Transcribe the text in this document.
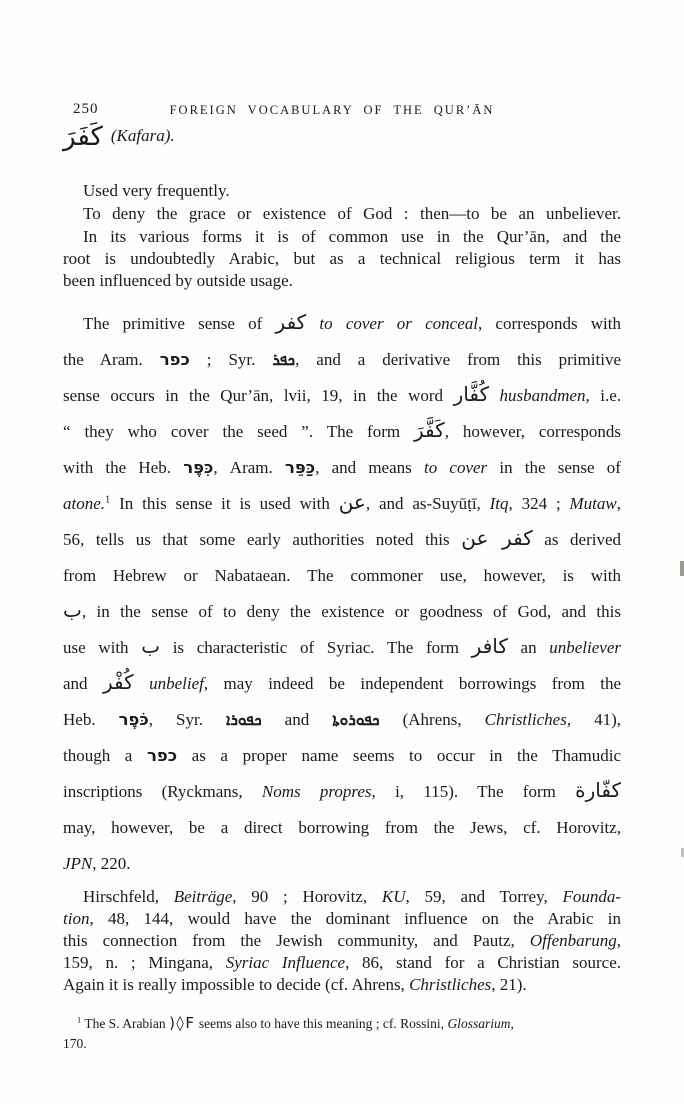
250	FOREIGN VOCABULARY OF THE QUR’ĀN
كَفَرَ (Kafara).
Used very frequently.
To deny the grace or existence of God : then—to be an unbeliever.
In its various forms it is of common use in the Qur’ān, and the
root is undoubtedly Arabic, but as a technical religious term it has
been influenced by outside usage.
The primitive sense of كفر to cover or conceal, corresponds with
the Aram. כפר ; Syr. ܟܦܪ, and a derivative from this primitive
sense occurs in the Qur’ān, lvii, 19, in the word كُفَّار husbandmen, i.e.
“ they who cover the seed ”. The form كَفَّرَ, however, corresponds
with the Heb. כִּפֶּר, Aram. כַּפֵּר, and means to cover in the sense of
atone.$^1$ In this sense it is used with عن, and as-Suyūṭī, Itq, 324 ; Mutaw,
56, tells us that some early authorities noted this كفر عن as derived
from Hebrew or Nabataean. The commoner use, however, is with
ب, in the sense of to deny the existence or goodness of God, and this
use with ب is characteristic of Syriac. The form كافر an unbeliever
and كُفْر unbelief, may indeed be independent borrowings from the
Heb. כֹּפֶר, Syr. ܟܦܘܪܐ and ܟܦܘܪܘܬܐ (Ahrens, Christliches, 41),
though a כפר as a proper name seems to occur in the Thamudic
inscriptions (Ryckmans, Noms propres, i, 115). The form كفّارة
may, however, be a direct borrowing from the Jews, cf. Horovitz,
JPN, 220.
Hirschfeld, Beiträge, 90 ; Horovitz, KU, 59, and Torrey, Founda-
tion, 48, 144, would have the dominant influence on the Arabic in
this connection from the Jewish community, and Pautz, Offenbarung,
159, n. ; Mingana, Syriac Influence, 86, stand for a Christian source.
Again it is really impossible to decide (cf. Ahrens, Christliches, 21).
$^1$ The S. Arabian )◊Ϝ seems also to have this meaning ; cf. Rossini, Glossarium,
170.
